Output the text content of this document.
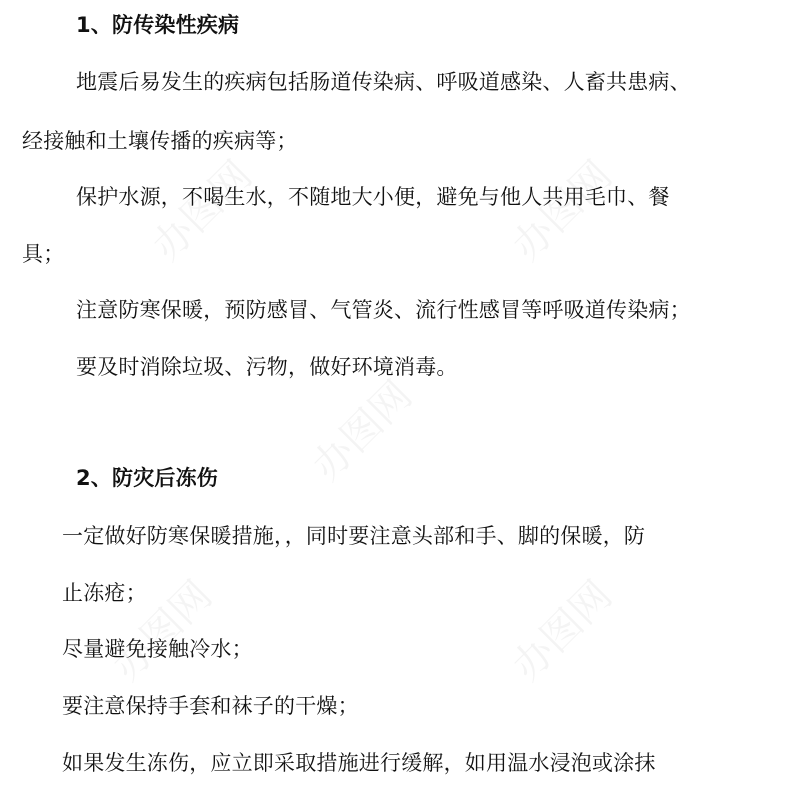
1、防传染性疾病
地震后易发生的疾病包括肠道传染病、呼吸道感染、人畜共患病、
经接触和土壤传播的疾病等；
保护水源，不喝生水，不随地大小便，避免与他人共用毛巾、餐
具；
注意防寒保暖，预防感冒、气管炎、流行性感冒等呼吸道传染病；
要及时消除垃圾、污物，做好环境消毒。
2、防灾后冻伤
一定做好防寒保暖措施，，同时要注意头部和手、脚的保暖，防
止冻疮；
尽量避免接触冷水；
要注意保持手套和袜子的干燥；
如果发生冻伤，应立即采取措施进行缓解，如用温水浸泡或涂抹
